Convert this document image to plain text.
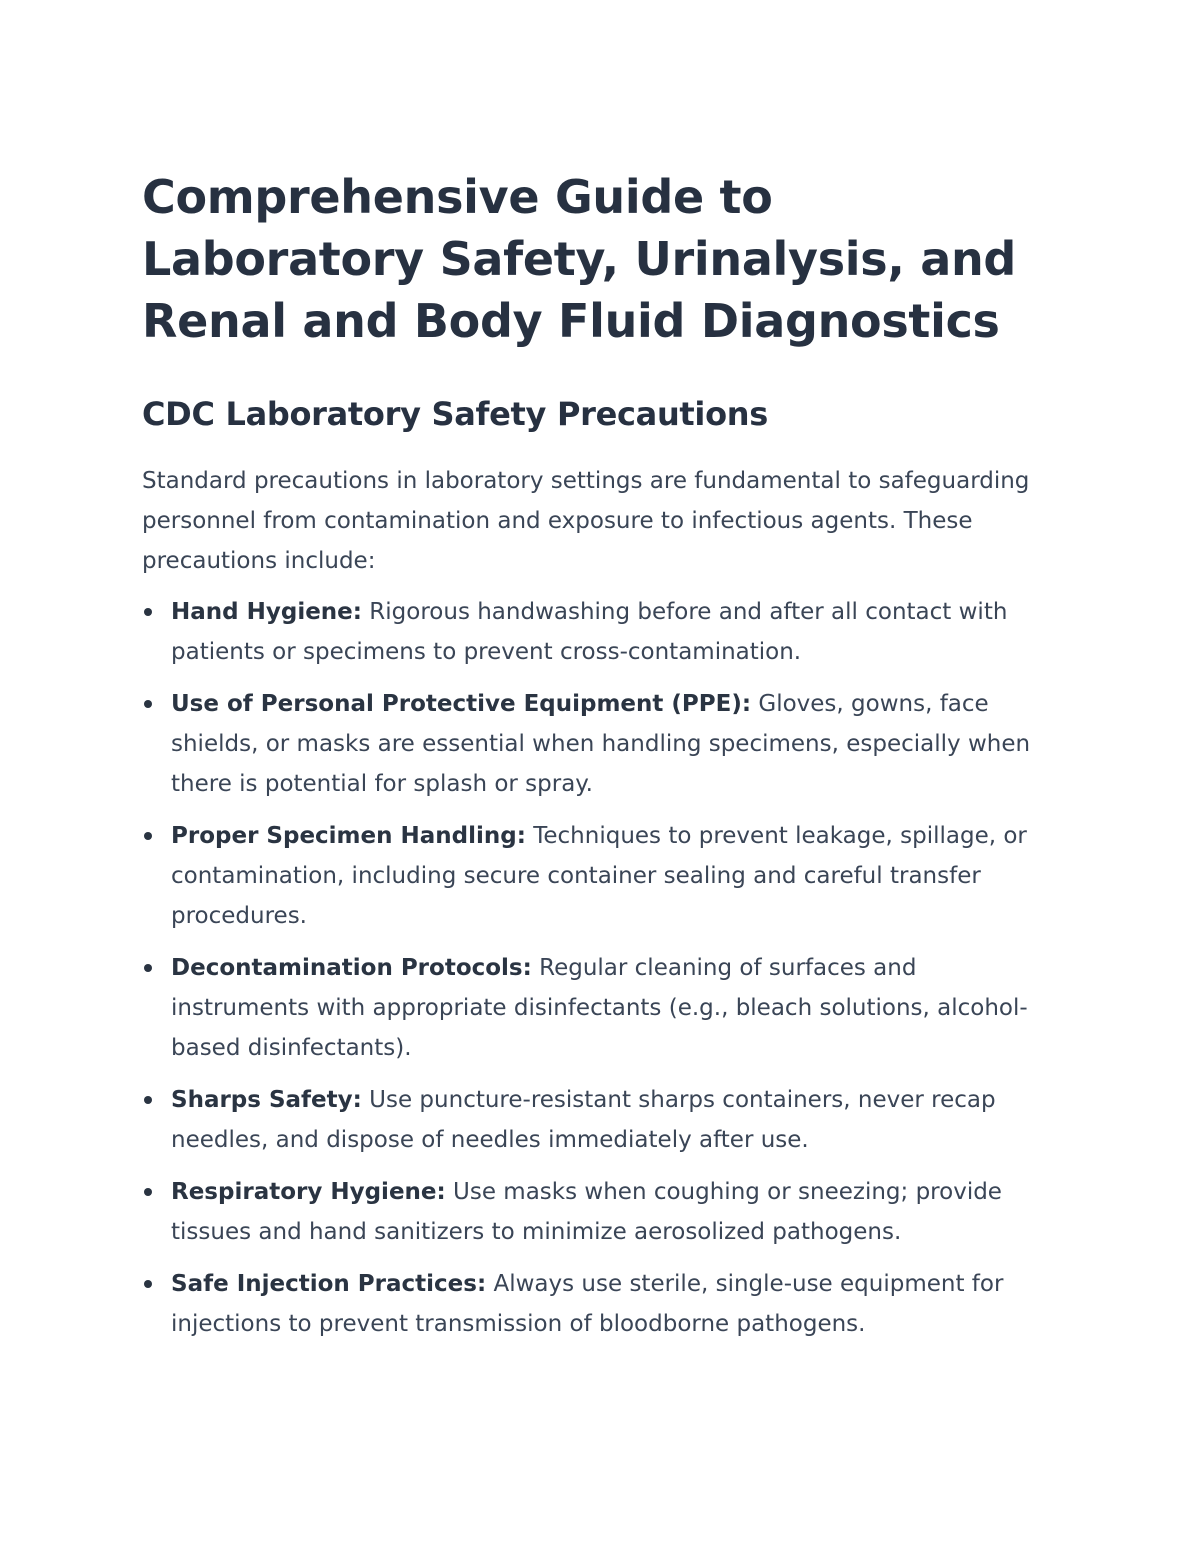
Comprehensive Guide to Laboratory Safety, Urinalysis, and Renal and Body Fluid Diagnostics
CDC Laboratory Safety Precautions

Standard precautions in laboratory settings are fundamental to safeguarding personnel from contamination and exposure to infectious agents. These precautions include:

Hand Hygiene: Rigorous handwashing before and after all contact with patients or specimens to prevent cross-contamination.
Use of Personal Protective Equipment (PPE): Gloves, gowns, face shields, or masks are essential when handling specimens, especially when there is potential for splash or spray.
Proper Specimen Handling: Techniques to prevent leakage, spillage, or contamination, including secure container sealing and careful transfer procedures.
Decontamination Protocols: Regular cleaning of surfaces and instruments with appropriate disinfectants (e.g., bleach solutions, alcohol-based disinfectants).
Sharps Safety: Use puncture-resistant sharps containers, never recap needles, and dispose of needles immediately after use.
Respiratory Hygiene: Use masks when coughing or sneezing; provide tissues and hand sanitizers to minimize aerosolized pathogens.
Safe Injection Practices: Always use sterile, single-use equipment for injections to prevent transmission of bloodborne pathogens.
